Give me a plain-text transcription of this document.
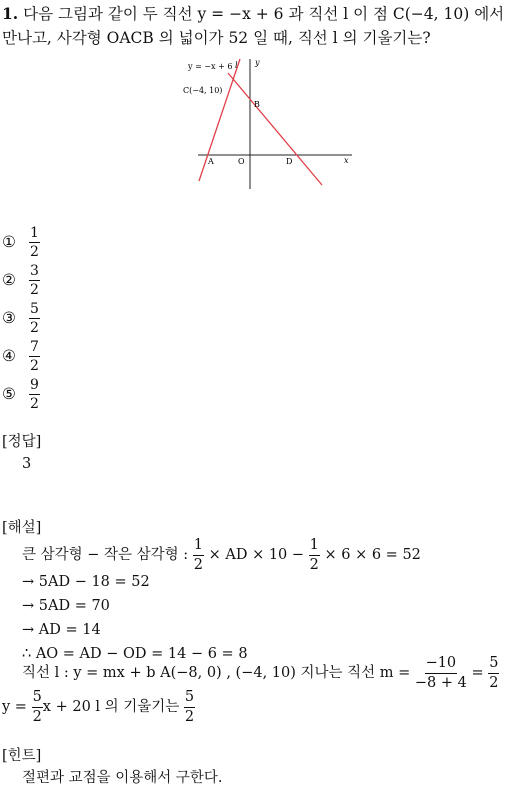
1. 다음 그림과 같이 두 직선 y = −x + 6 과 직선 l 이 점 C(−4, 10) 에서
만나고, 사각형 OACB 의 넓이가 52 일 때, 직선 l 의 기울기는?
y = −x + 6 l y
x
C(−4, 10)
B
A	O	D
① $\frac{1}{2}$
② $\frac{3}{2}$
③ $\frac{5}{2}$
④ $\frac{7}{2}$
⑤ $\frac{9}{2}$
[정답]
3
[해설]
큰 삼각형 − 작은 삼각형 : $\frac{1}{2}$ × AD × $10 - \frac{1}{2} \times 6 \times 6 = 52$
→ 5AD − 18 = 52
→ 5AD = 70
→ AD = 14
∴ AO = AD − OD = 14 − 6 = 8
직선 l : y = mx + b A(−8, 0) , (−4, 10) 지나는 직선 $m = \frac{-10}{-8 + 4} = \frac{5}{2}$
$y = \frac{5}{2}$ x + 20 l 의 기울기는 $\frac{5}{2}$
[힌트]
절편과 교점을 이용해서 구한다.
